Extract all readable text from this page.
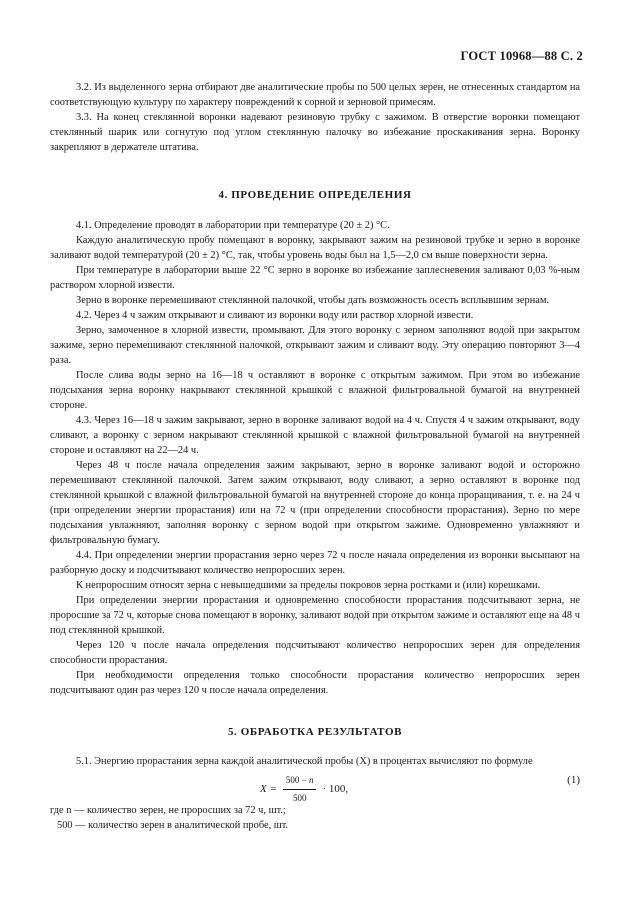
ГОСТ 10968—88 С. 2

3.2. Из выделенного зерна отбирают две аналитические пробы по 500 целых зерен, не отнесенных стандартом на соответствующую культуру по характеру повреждений к сорной и зерновой примесям.

3.3. На конец стеклянной воронки надевают резиновую трубку с зажимом. В отверстие воронки помещают стеклянный шарик или согнутую под углом стеклянную палочку во избежание проскакивания зерна. Воронку закрепляют в держателе штатива.

4. ПРОВЕДЕНИЕ ОПРЕДЕЛЕНИЯ

4.1. Определение проводят в лаборатории при температуре (20 ± 2) °С.

Каждую аналитическую пробу помещают в воронку, закрывают зажим на резиновой трубке и зерно в воронке заливают водой температурой (20 ± 2) °С, так, чтобы уровень воды был на 1,5—2,0 см выше поверхности зерна.

При температуре в лаборатории выше 22 °С зерно в воронке во избежание заплесневения заливают 0,03 %-ным раствором хлорной извести.

Зерно в воронке перемешивают стеклянной палочкой, чтобы дать возможность осесть всплывшим зернам.

4.2. Через 4 ч зажим открывают и сливают из воронки воду или раствор хлорной извести.

Зерно, замоченное в хлорной извести, промывают. Для этого воронку с зерном заполняют водой при закрытом зажиме, зерно перемешивают стеклянной палочкой, открывают зажим и сливают воду. Эту операцию повторяют 3—4 раза.

После слива воды зерно на 16—18 ч оставляют в воронке с открытым зажимом. При этом во избежание подсыхания зерна воронку накрывают стеклянной крышкой с влажной фильтровальной бумагой на внутренней стороне.

4.3. Через 16—18 ч зажим закрывают, зерно в воронке заливают водой на 4 ч. Спустя 4 ч зажим открывают, воду сливают, а воронку с зерном накрывают стеклянной крышкой с влажной фильтровальной бумагой на внутренней стороне и оставляют на 22—24 ч.

Через 48 ч после начала определения зажим закрывают, зерно в воронке заливают водой и осторожно перемешивают стеклянной палочкой. Затем зажим открывают, воду сливают, а зерно оставляют в воронке под стеклянной крышкой с влажной фильтровальной бумагой на внутренней стороне до конца проращивания, т. е. на 24 ч (при определении энергии прорастания) или на 72 ч (при определении способности прорастания). Зерно по мере подсыхания увлажняют, заполняя воронку с зерном водой при открытом зажиме. Одновременно увлажняют и фильтровальную бумагу.

4.4. При определении энергии прорастания зерно через 72 ч после начала определения из воронки высыпают на разборную доску и подсчитывают количество непроросших зерен.

К непроросшим относят зерна с невышедшими за пределы покровов зерна ростками и (или) корешками.

При определении энергии прорастания и одновременно способности прорастания подсчитывают зерна, не проросшие за 72 ч, которые снова помещают в воронку, заливают водой при открытом зажиме и оставляют еще на 48 ч под стеклянной крышкой.

Через 120 ч после начала определения подсчитывают количество непроросших зерен для определения способности прорастания.

При необходимости определения только способности прорастания количество непроросших зерен подсчитывают один раз через 120 ч после начала определения.

5. ОБРАБОТКА РЕЗУЛЬТАТОВ

5.1. Энергию прорастания зерна каждой аналитической пробы (X) в процентах вычисляют по формуле

$X = \frac{500 - n}{500} \cdot 100$,
(1)

где n — количество зерен, не проросших за 72 ч, шт.;

500 — количество зерен в аналитической пробе, шт.
